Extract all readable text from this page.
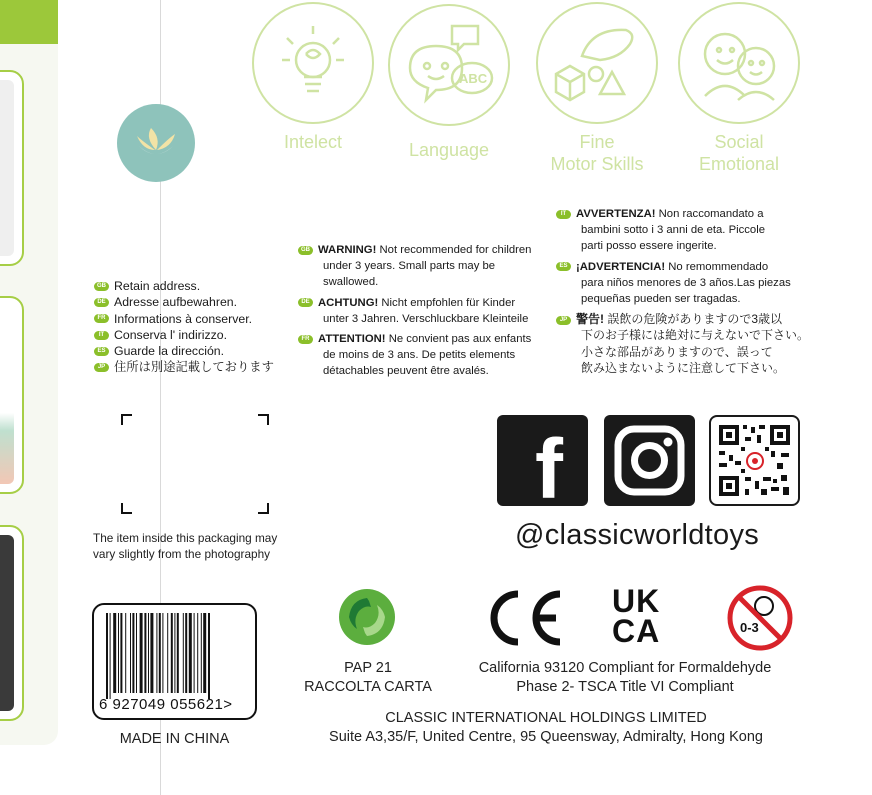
Intelect
ABC
Language	Fine
Motor Skills
Social
Emotional
GB WARNING! Not recommended for children
under 3 years. Small parts may be
swallowed.
DE ACHTUNG! Nicht empfohlen für Kinder
unter 3 Jahren. Verschluckbare Kleinteile
FR ATTENTION! Ne convient pas aux enfants
de moins de 3 ans. De petits elements
détachables peuvent être avalés.
IT AVVERTENZA! Non raccomandato a
bambini sotto i 3 anni de eta. Piccole
parti posso essere ingerite.
ES ¡ADVERTENCIA! No remommendado
para niños menores de 3 años.Las piezas
pequeñas pueden ser tragadas.
JP 警告! 誤飲の危険がありますので3歳以
下のお子様には絶対に与えないで下さい。
小さな部品がありますので、誤って
飲み込まないように注意して下さい。
GB Retain address.
DE Adresse aufbewahren.
FR Informations à conserver.
IT Conserva l' indirizzo.
ES Guarde la dirección.
JP 住所は別途記載しております
The item inside this packaging may
vary slightly from the photography
f
@classicworldtoys
6 927049 055621>
MADE IN CHINA
PAP 21
RACCOLTA CARTA
UK
CA	0-3
California 93120 Compliant for Formaldehyde
Phase 2- TSCA Title VI Compliant
CLASSIC INTERNATIONAL HOLDINGS LIMITED
Suite A3,35/F, United Centre, 95 Queensway, Admiralty, Hong Kong
